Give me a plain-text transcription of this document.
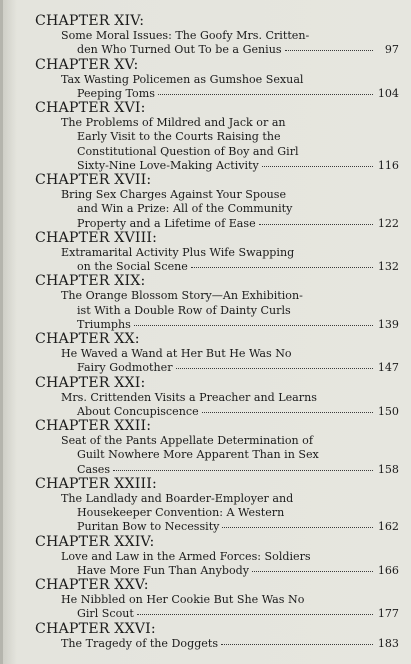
CHAPTER XIV:
Some Moral Issues: The Goofy Mrs. Critten-
den Who Turned Out To be a Genius	97
CHAPTER XV:
Tax Wasting Policemen as Gumshoe Sexual
Peeping Toms	104
CHAPTER XVI:
The Problems of Mildred and Jack or an
Early Visit to the Courts Raising the
Constitutional Question of Boy and Girl
Sixty-Nine Love-Making Activity	116
CHAPTER XVII:
Bring Sex Charges Against Your Spouse
and Win a Prize: All of the Community
Property and a Lifetime of Ease	122
CHAPTER XVIII:
Extramarital Activity Plus Wife Swapping
on the Social Scene	132
CHAPTER XIX:
The Orange Blossom Story—An Exhibition-
ist With a Double Row of Dainty Curls
Triumphs	139
CHAPTER XX:
He Waved a Wand at Her But He Was No
Fairy Godmother	147
CHAPTER XXI:
Mrs. Crittenden Visits a Preacher and Learns
About Concupiscence	150
CHAPTER XXII:
Seat of the Pants Appellate Determination of
Guilt Nowhere More Apparent Than in Sex
Cases	158
CHAPTER XXIII:
The Landlady and Boarder-Employer and
Housekeeper Convention: A Western
Puritan Bow to Necessity	162
CHAPTER XXIV:
Love and Law in the Armed Forces: Soldiers
Have More Fun Than Anybody	166
CHAPTER XXV:
He Nibbled on Her Cookie But She Was No
Girl Scout	177
CHAPTER XXVI:
The Tragedy of the Doggets	183
